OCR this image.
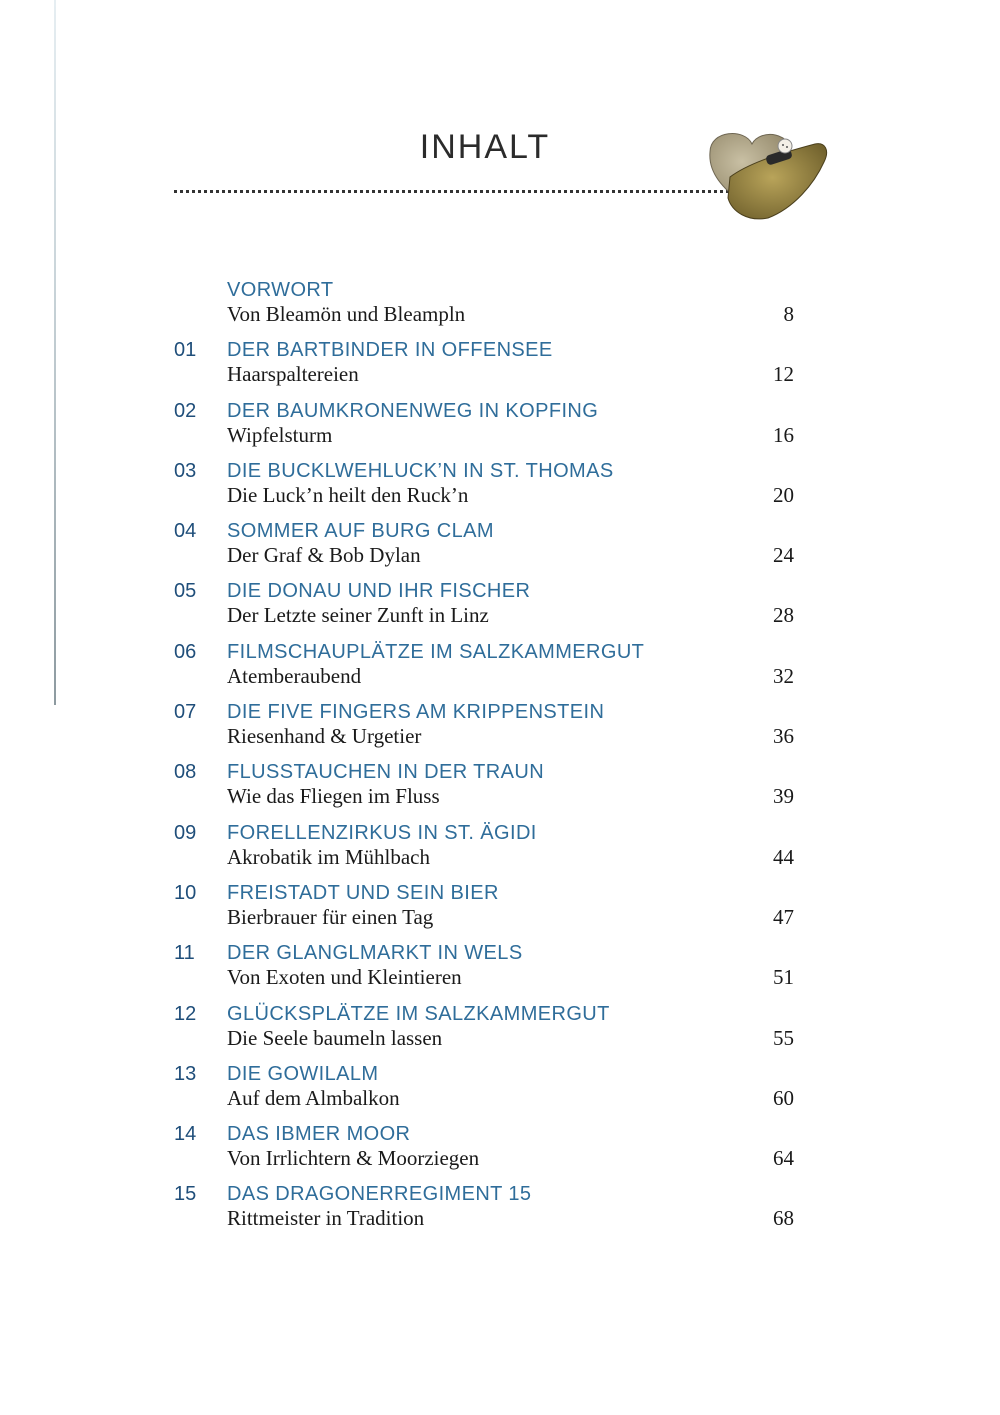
INHALT
VORWORT
Von Bleamön und Bleampln	8
01 DER BARTBINDER IN OFFENSEE
Haarspaltereien	12
02 DER BAUMKRONENWEG IN KOPFING
Wipfelsturm	16
03 DIE BUCKLWEHLUCK’N IN ST. THOMAS
Die Luck’n heilt den Ruck’n	20
04 SOMMER AUF BURG CLAM
Der Graf & Bob Dylan	24
05 DIE DONAU UND IHR FISCHER
Der Letzte seiner Zunft in Linz	28
06 FILMSCHAUPLÄTZE IM SALZKAMMERGUT
Atemberaubend	32
07 DIE FIVE FINGERS AM KRIPPENSTEIN
Riesenhand & Urgetier	36
08 FLUSSTAUCHEN IN DER TRAUN
Wie das Fliegen im Fluss	39
09 FORELLENZIRKUS IN ST. ÄGIDI
Akrobatik im Mühlbach	44
10 FREISTADT UND SEIN BIER
Bierbrauer für einen Tag	47
11 DER GLANGLMARKT IN WELS
Von Exoten und Kleintieren	51
12 GLÜCKSPLÄTZE IM SALZKAMMERGUT
Die Seele baumeln lassen	55
13 DIE GOWILALM
Auf dem Almbalkon	60
14 DAS IBMER MOOR
Von Irrlichtern & Moorziegen	64
15 DAS DRAGONERREGIMENT 15
Rittmeister in Tradition	68
